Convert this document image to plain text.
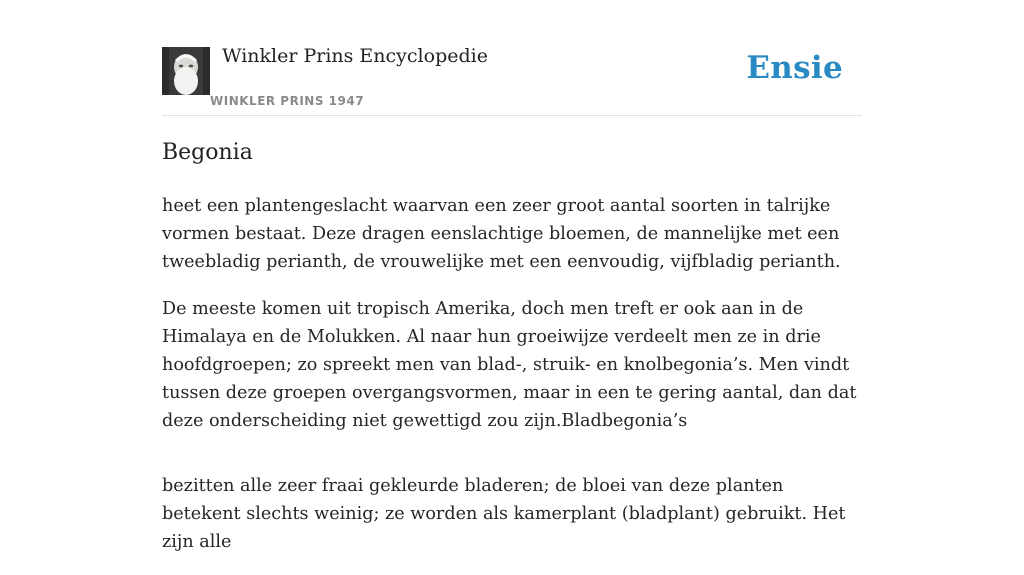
Winkler Prins Encyclopedie
WINKLER PRINS 1947
Ensie
Begonia

heet een plantengeslacht waarvan een zeer groot aantal soorten in talrijke vormen bestaat. Deze dragen eenslachtige bloemen, de mannelijke met een tweebladig perianth, de vrouwelijke met een eenvoudig, vijfbladig perianth.

De meeste komen uit tropisch Amerika, doch men treft er ook aan in de Himalaya en de Molukken. Al naar hun groeiwijze verdeelt men ze in drie hoofdgroepen; zo spreekt men van blad-, struik- en knolbegonia’s. Men vindt tussen deze groepen overgangsvormen, maar in een te gering aantal, dan dat deze onderscheiding niet gewettigd zou zijn.Bladbegonia’s

bezitten alle zeer fraai gekleurde bladeren; de bloei van deze planten betekent slechts weinig; ze worden als kamerplant (bladplant) gebruikt. Het zijn alle
